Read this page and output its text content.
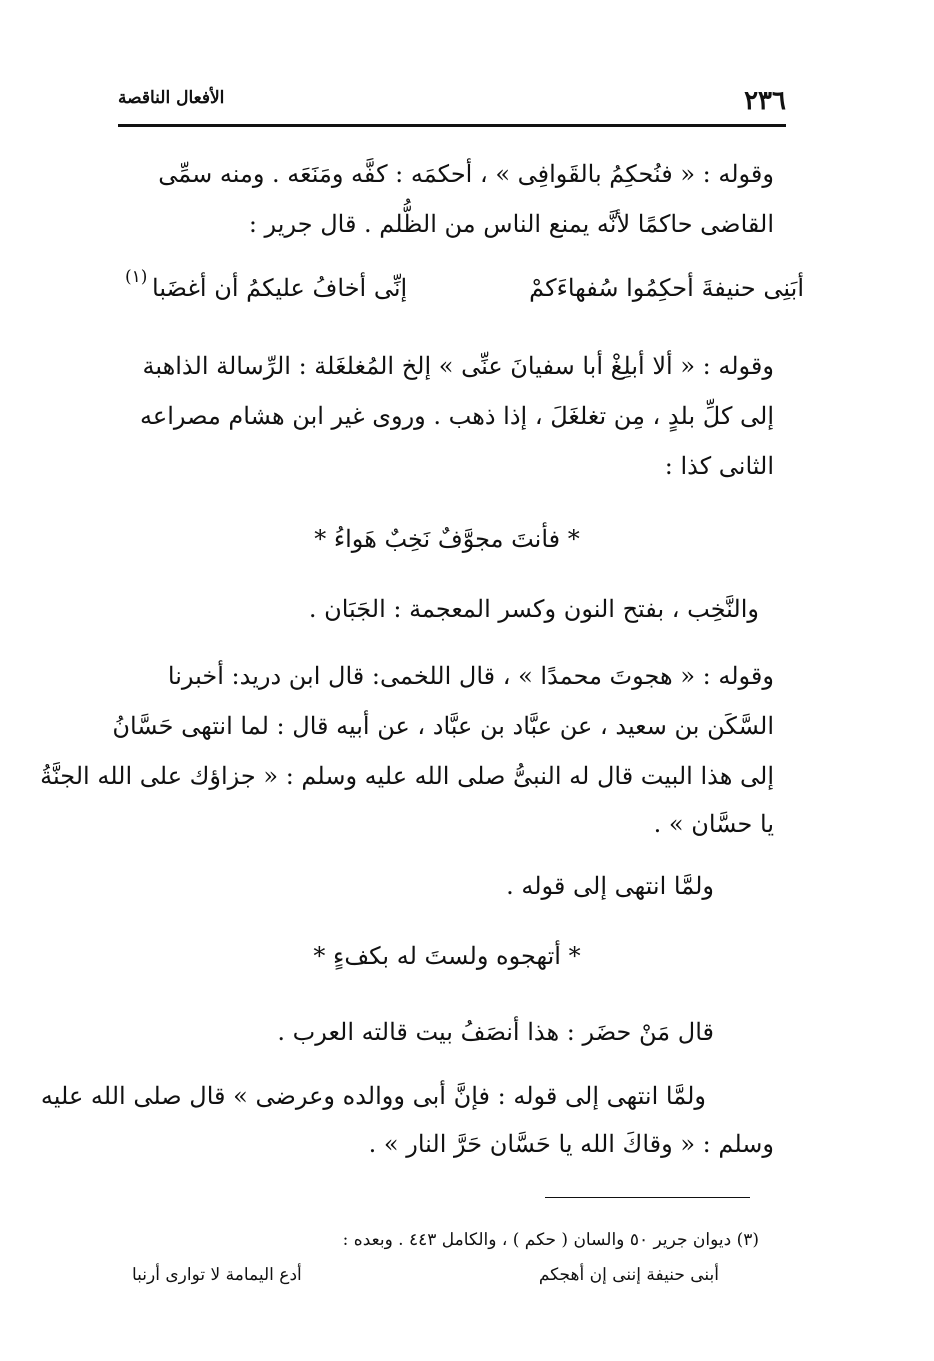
الأفعال الناقصة	٢٣٦
وقوله : « فنُحكِمُ بالقَوافِى » ، أحكمَه : كفَّه ومَنَعَه . ومنه سمِّى
القاضى حاكمًا لأنَّه يمنع الناس من الظُّلم . قال جرير :
أبَنِى حنيفةَ أحكِمُوا سُفهاءَكمْ
إنِّى أخافُ عليكمُ أن أغضَبا
(١)
وقوله : « ألا أبلِغْ أبا سفيانَ عنِّى » إلخ المُغلغَلة : الرِّسالة الذاهبة
إلى كلِّ بلدٍ ، مِن تغلغَلَ ، إذا ذهب . وروى غير ابن هشام مصراعه
الثانى كذا :
* فأنتَ مجوَّفٌ نَخِبٌ هَواءُ *
والنَّخِب ، بفتح النون وكسر المعجمة : الجَبَان .
وقوله : « هجوتَ محمدًا » ، قال اللخمى: قال ابن دريد: أخبرنا
السَّكَن بن سعيد ، عن عبَّاد بن عبَّاد ، عن أبيه قال : لما انتهى حَسَّانُ
إلى هذا البيت قال له النبىُّ صلى الله عليه وسلم : « جزاؤك على الله الجنَّةُ
يا حسَّان » .
ولمَّا انتهى إلى قوله .
* أتهجوه ولستَ له بكفءٍ *
قال مَنْ حضَر : هذا أنصَفُ بيت قالته العرب .
ولمَّا انتهى إلى قوله : فإنَّ أبى ووالده وعرضى » قال صلى الله عليه
وسلم : « وقاكَ الله يا حَسَّان حَرَّ النار » .
(٣) ديوان جرير ٥٠ والسان ( حكم ) ، والكامل ٤٤٣ . وبعده :
أبنى حنيفة إننى إن أهجكم
أدع اليمامة لا توارى أرنبا
